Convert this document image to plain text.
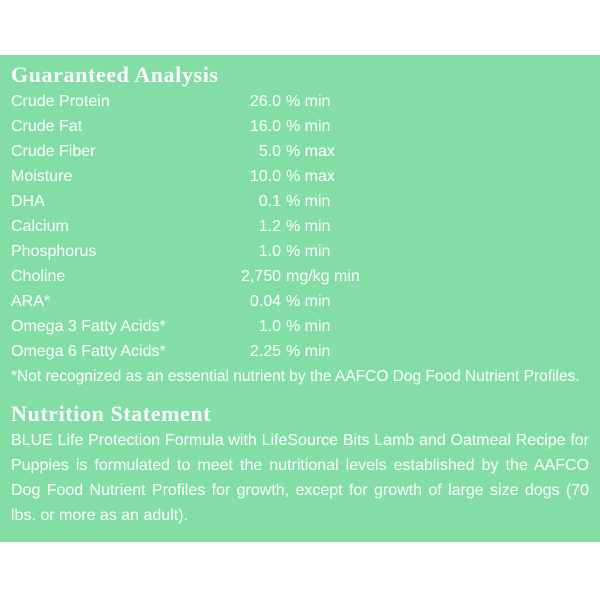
Guaranteed Analysis
Crude Protein	26.0 % min
Crude Fat	16.0 % min
Crude Fiber	5.0 % max
Moisture	10.0 % max
DHA	0.1 % min
Calcium	1.2 % min
Phosphorus	1.0 % min
Choline	2,750 mg/kg min
ARA*	0.04 % min
Omega 3 Fatty Acids*	1.0 % min
Omega 6 Fatty Acids*	2.25 % min

*Not recognized as an essential nutrient by the AAFCO Dog Food Nutrient Profiles.

Nutrition Statement

BLUE Life Protection Formula with LifeSource Bits Lamb and Oatmeal Recipe for Puppies is formulated to meet the nutritional levels established by the AAFCO Dog Food Nutrient Profiles for growth, except for growth of large size dogs (70 lbs. or more as an adult).
